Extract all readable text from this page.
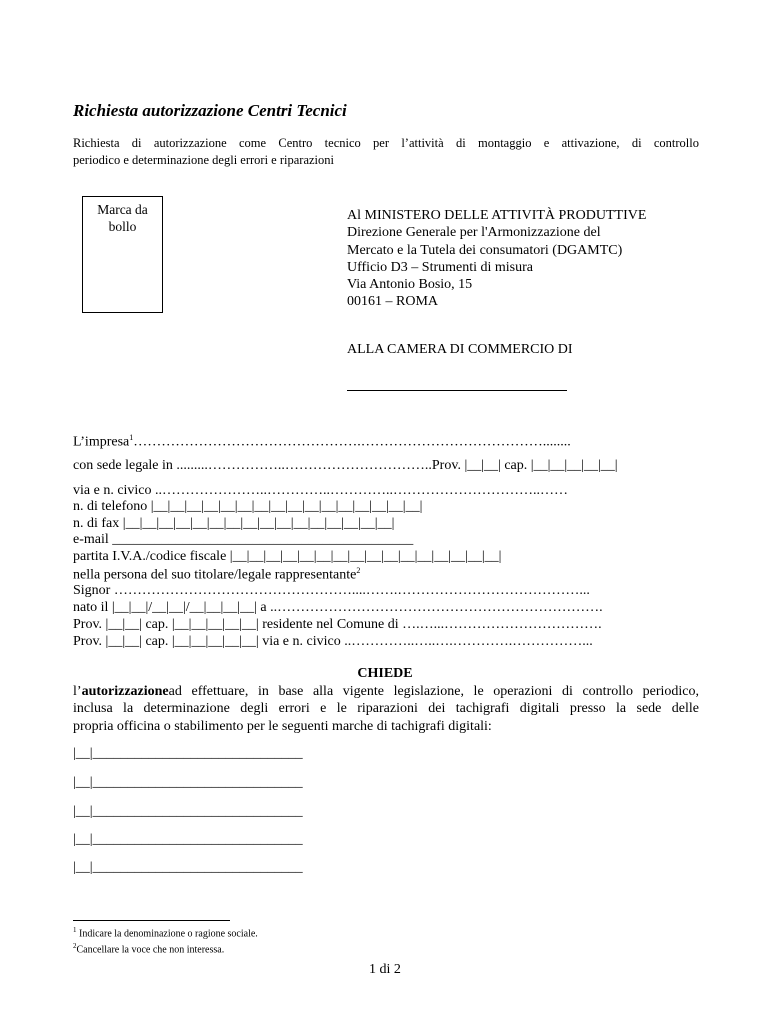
Richiesta autorizzazione Centri Tecnici
Richiesta di autorizzazione come Centro tecnico per l’attività di montaggio e attivazione, di controllo
periodico e determinazione degli errori e riparazioni
Marca da
bollo
Al MINISTERO DELLE ATTIVITÀ PRODUTTIVE
Direzione Generale per l'Armonizzazione del
Mercato e la Tutela dei consumatori (DGAMTC)
Ufficio D3 – Strumenti di misura
Via Antonio Bosio, 15
00161 – ROMA
ALLA CAMERA DI COMMERCIO DI
L’impresa$^1$………………………………………….…………………………………........
con sede legale in .........……………..…………………………..Prov. |__|__| cap. |__|__|__|__|__|
via e n. civico ..…………………..…………..…………..…………………………..……
n. di telefono |__|__|__|__|__|__|__|__|__|__|__|__|__|__|__|__|
n. di fax |__|__|__|__|__|__|__|__|__|__|__|__|__|__|__|__|
e-mail ___________________________________________
partita I.V.A./codice fiscale |__|__|__|__|__|__|__|__|__|__|__|__|__|__|__|__|
nella persona del suo titolare/legale rappresentante$^2$
Signor ……………………………………………....…….…………………………………...
nato il |__|__|/__|__|/__|__|__|__| a ..…………………………………………………………….
Prov. |__|__| cap. |__|__|__|__|__| residente nel Comune di ….…...…………………………….
Prov. |__|__| cap. |__|__|__|__|__| via e n. civico ..…………..…..….………….……………...
CHIEDE
l’autorizzazionead effettuare, in base alla vigente legislazione, le operazioni di controllo periodico,
inclusa la determinazione degli errori e le riparazioni dei tachigrafi digitali presso la sede delle
propria officina o stabilimento per le seguenti marche di tachigrafi digitali:
|__|______________________________
|__|______________________________
|__|______________________________
|__|______________________________
|__|______________________________
$^1$ Indicare la denominazione o ragione sociale.
$^2$Cancellare la voce che non interessa.
1 di 2
